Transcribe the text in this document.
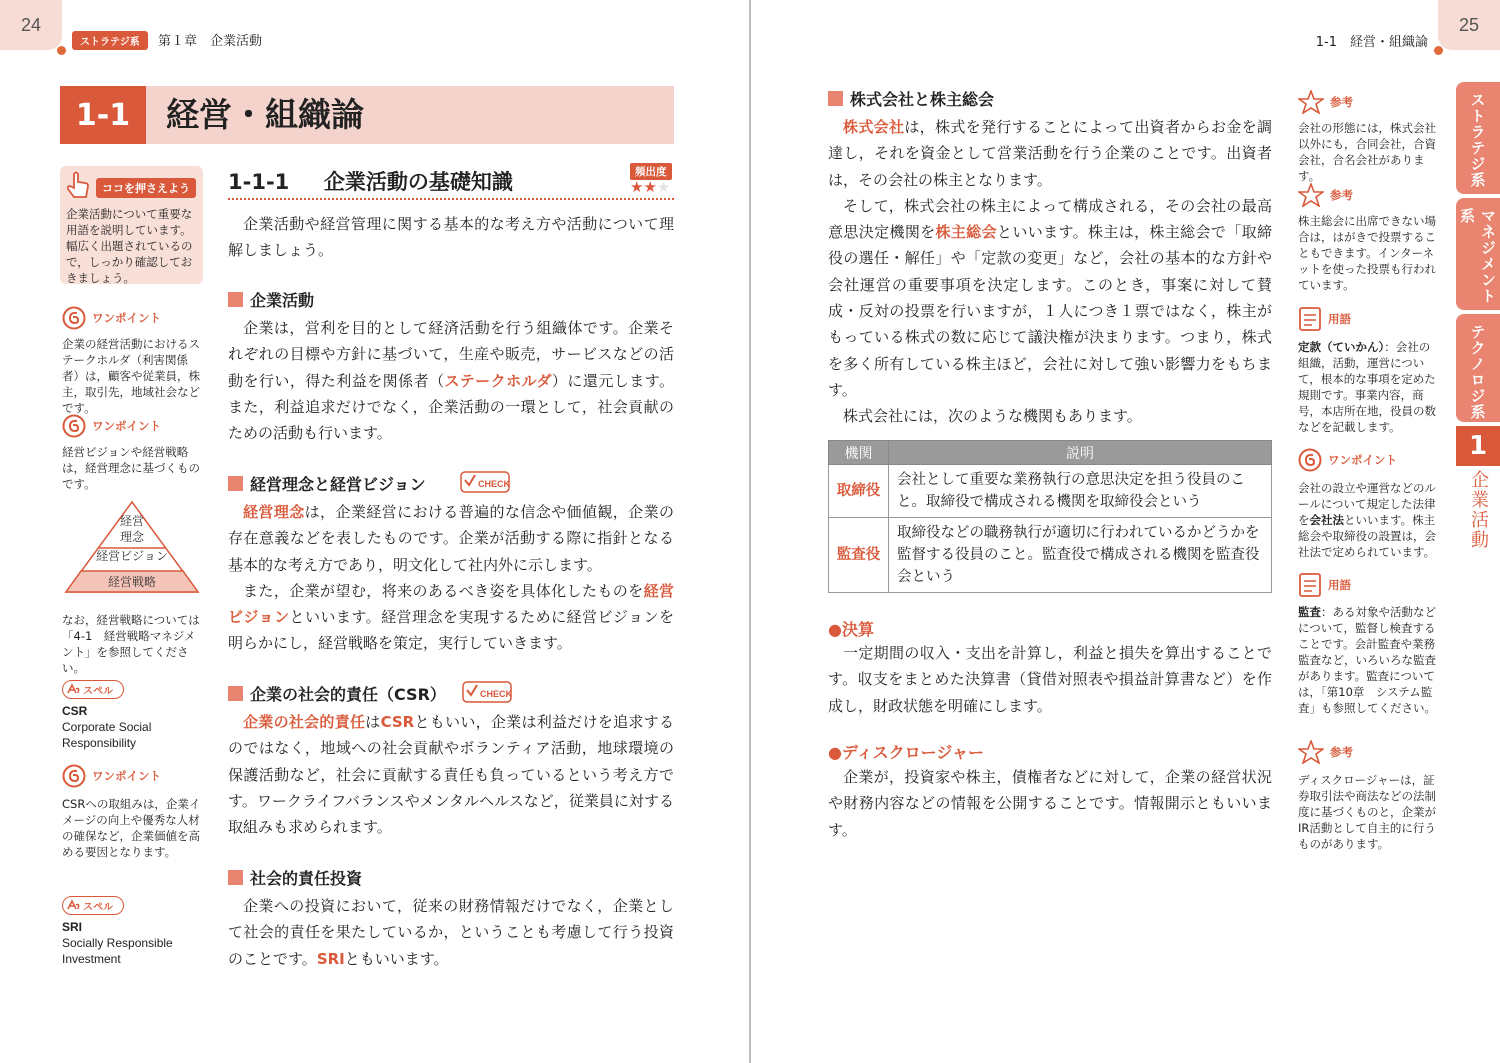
24
ストラテジ系	第１章　企業活動
1-1	経営・組織論
ココを押さえよう
企業活動について重要な用語を説明しています。幅広く出題されているので，しっかり確認しておきましょう。
ワンポイント
企業の経営活動におけるステークホルダ（利害関係者）は，顧客や従業員，株主，取引先，地域社会などです。
ワンポイント
経営ビジョンや経営戦略は，経営理念に基づくものです。
経営
理念
経営ビジョン
経営戦略
なお，経営戦略については「4-1　経営戦略マネジメント」を参照してください。
スペル
CSR
Corporate Social
Responsibility
ワンポイント
CSRへの取組みは，企業イメージの向上や優秀な人材の確保など，企業価値を高める要因となります。
スペル
SRI
Socially Responsible
Investment
1-1-1 企業活動の基礎知識	頻出度
★★★

企業活動や経営管理に関する基本的な考え方や活動について理解しましょう。

企業活動

企業は，営利を目的として経済活動を行う組織体です。企業それぞれの目標や方針に基づいて，生産や販売，サービスなどの活動を行い，得た利益を関係者（ステークホルダ）に還元します。また，利益追求だけでなく，企業活動の一環として，社会貢献のための活動も行います。

経営理念と経営ビジョン	CHECK

経営理念は，企業経営における普遍的な信念や価値観，企業の存在意義などを表したものです。企業が活動する際に指針となる基本的な考え方であり，明文化して社内外に示します。

また，企業が望む，将来のあるべき姿を具体化したものを経営ビジョンといいます。経営理念を実現するために経営ビジョンを明らかにし，経営戦略を策定，実行していきます。

企業の社会的責任（CSR）	CHECK

企業の社会的責任はCSRともいい，企業は利益だけを追求するのではなく，地域への社会貢献やボランティア活動，地球環境の保護活動など，社会に貢献する責任も負っているという考え方です。ワークライフバランスやメンタルヘルスなど，従業員に対する取組みも求められます。

社会的責任投資

企業への投資において，従来の財務情報だけでなく，企業として社会的責任を果たしているか，ということも考慮して行う投資のことです。SRIともいいます。

25
1-1　経営・組織論
株式会社と株主総会

株式会社は，株式を発行することによって出資者からお金を調達し，それを資金として営業活動を行う企業のことです。出資者は，その会社の株主となります。

そして，株式会社の株主によって構成される，その会社の最高意思決定機関を株主総会といいます。株主は，株主総会で「取締役の選任・解任」や「定款の変更」など，会社の基本的な方針や会社運営の重要事項を決定します。このとき，事案に対して賛成・反対の投票を行いますが，１人につき１票ではなく，株主がもっている株式の数に応じて議決権が決まります。つまり，株式を多く所有している株主ほど，会社に対して強い影響力をもちます。

株式会社には，次のような機関もあります。

機関	説明
取締役	会社として重要な業務執行の意思決定を担う役員のこと。取締役で構成される機関を取締役会という
監査役	取締役などの職務執行が適切に行われているかどうかを監督する役員のこと。監査役で構成される機関を監査役会という
●決算

一定期間の収入・支出を計算し，利益と損失を算出することです。収支をまとめた決算書（貸借対照表や損益計算書など）を作成し，財政状態を明確にします。

●ディスクロージャー

企業が，投資家や株主，債権者などに対して，企業の経営状況や財務内容などの情報を公開することです。情報開示ともいいます。

参考
会社の形態には，株式会社以外にも，合同会社，合資会社，合名会社があります。
参考
株主総会に出席できない場合は，はがきで投票することもできます。インターネットを使った投票も行われています。
用語
定款（ていかん）：会社の組織，活動，運営について，根本的な事項を定めた規則です。事業内容，商号，本店所在地，役員の数などを記載します。
ワンポイント
会社の設立や運営などのルールについて規定した法律を会社法といいます。株主総会や取締役の設置は，会社法で定められています。
用語
監査：ある対象や活動などについて，監督し検査することです。会計監査や業務監査など，いろいろな監査があります。監査については，「第10章　システム監査」も参照してください。
参考
ディスクロージャーは，証券取引法や商法などの法制度に基づくものと，企業がIR活動として自主的に行うものがあります。
ストラテジ系
マネジメント系
テクノロジ系
1
企業活動
